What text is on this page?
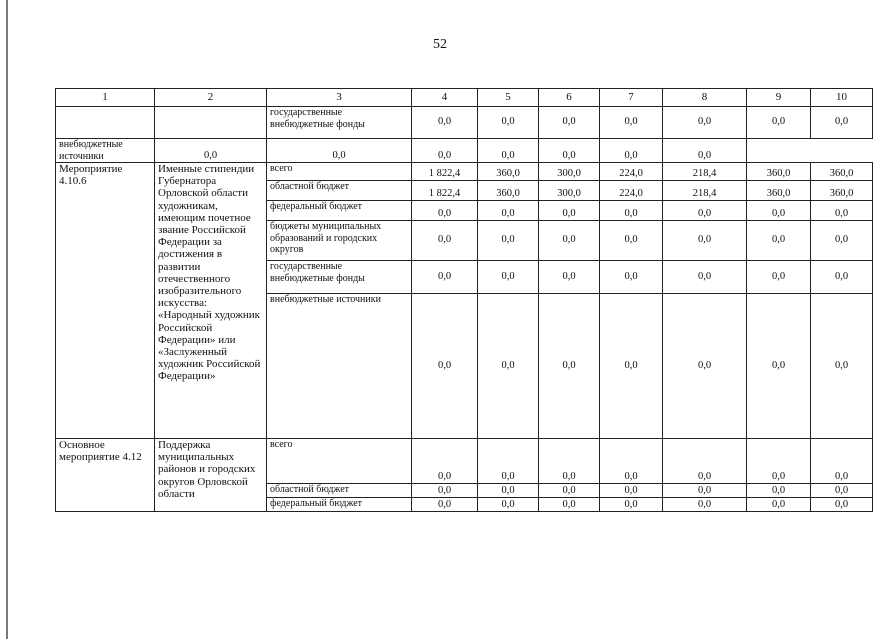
52
1	2	3	4	5	6	7	8	9	10
		государственные внебюджетные фонды	0,0	0,0	0,0	0,0	0,0	0,0	0,0
внебюджетные источники	0,0	0,0	0,0	0,0	0,0	0,0	0,0		
Мероприятие 4.10.6	Именные стипендии Губернатора Орловской области художникам, имеющим почетное звание Российской Федерации за достижения в развитии отечественного изобразительного искусства: «Народный художник Российской Федерации» или «Заслуженный художник Российской Федерации»	всего	1 822,4	360,0	300,0	224,0	218,4	360,0	360,0
		областной бюджет	1 822,4	360,0	300,0	224,0	218,4	360,0	360,0
		федеральный бюджет	0,0	0,0	0,0	0,0	0,0	0,0	0,0
		бюджеты муниципальных образований и городских округов	0,0	0,0	0,0	0,0	0,0	0,0	0,0
		государственные внебюджетные фонды	0,0	0,0	0,0	0,0	0,0	0,0	0,0
		внебюджетные источники	0,0	0,0	0,0	0,0	0,0	0,0	0,0
Основное мероприятие 4.12	Поддержка муниципальных районов и городских округов Орловской области	всего	0,0	0,0	0,0	0,0	0,0	0,0	0,0
		областной бюджет	0,0	0,0	0,0	0,0	0,0	0,0	0,0
		федеральный бюджет	0,0	0,0	0,0	0,0	0,0	0,0	0,0
